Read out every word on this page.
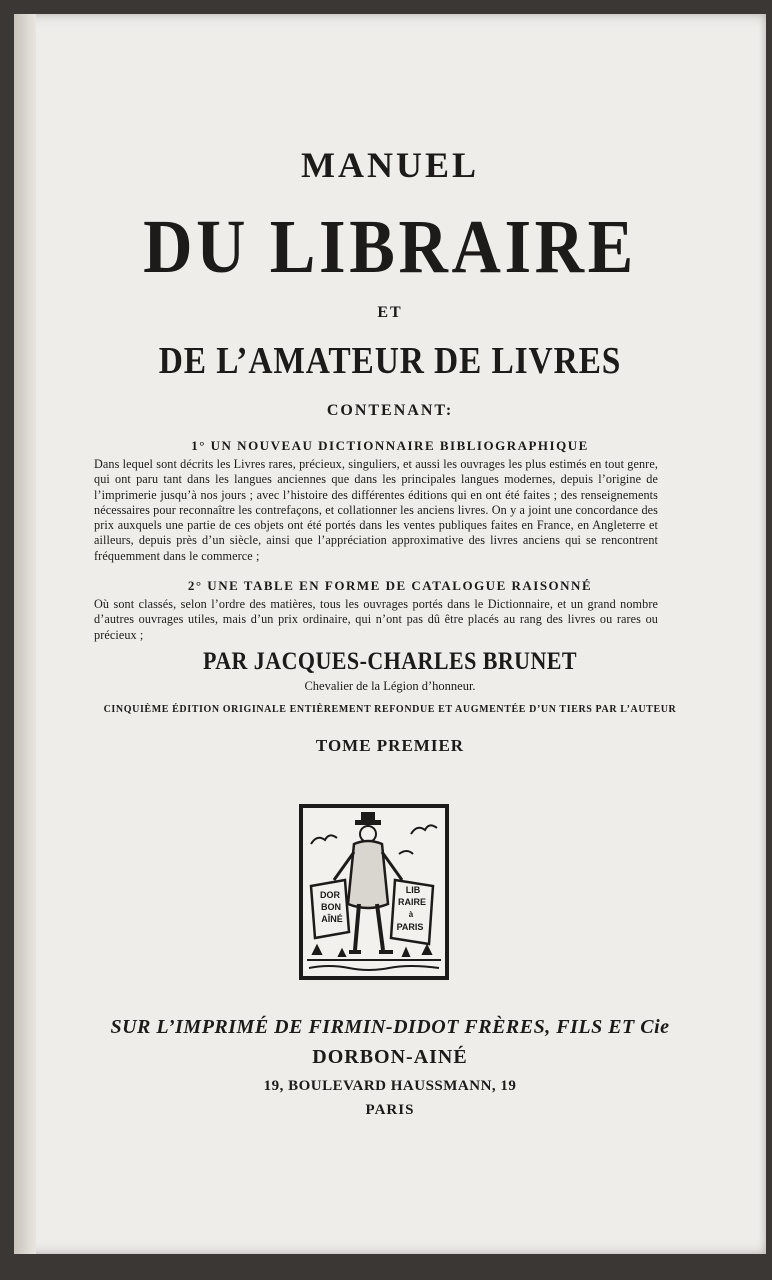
MANUEL
DU LIBRAIRE
ET
DE L’AMATEUR DE LIVRES
CONTENANT:
1° UN NOUVEAU DICTIONNAIRE BIBLIOGRAPHIQUE
Dans lequel sont décrits les Livres rares, précieux, singuliers, et aussi les ouvrages les plus estimés en tout genre, qui ont paru tant dans les langues anciennes que dans les principales langues modernes, depuis l’origine de l’imprimerie jusqu’à nos jours ; avec l’histoire des différentes éditions qui en ont été faites ; des renseignements nécessaires pour reconnaître les contrefaçons, et collationner les anciens livres. On y a joint une concordance des prix auxquels une partie de ces objets ont été portés dans les ventes publiques faites en France, en Angleterre et ailleurs, depuis près d’un siècle, ainsi que l’appréciation approximative des livres anciens qui se rencontrent fréquemment dans le commerce ;
2° UNE TABLE EN FORME DE CATALOGUE RAISONNÉ
Où sont classés, selon l’ordre des matières, tous les ouvrages portés dans le Dictionnaire, et un grand nombre d’autres ouvrages utiles, mais d’un prix ordinaire, qui n’ont pas dû être placés au rang des livres ou rares ou précieux ;
PAR JACQUES-CHARLES BRUNET
Chevalier de la Légion d’honneur.
CINQUIÈME ÉDITION ORIGINALE ENTIÈREMENT REFONDUE ET AUGMENTÉE D’UN TIERS PAR L’AUTEUR
TOME PREMIER
DOR
BON
AÎNÉ
LIB
RAIRE
à
PARIS
SUR L’IMPRIMÉ DE FIRMIN-DIDOT FRÈRES, FILS ET Cie
DORBON-AINÉ
19, BOULEVARD HAUSSMANN, 19
PARIS
